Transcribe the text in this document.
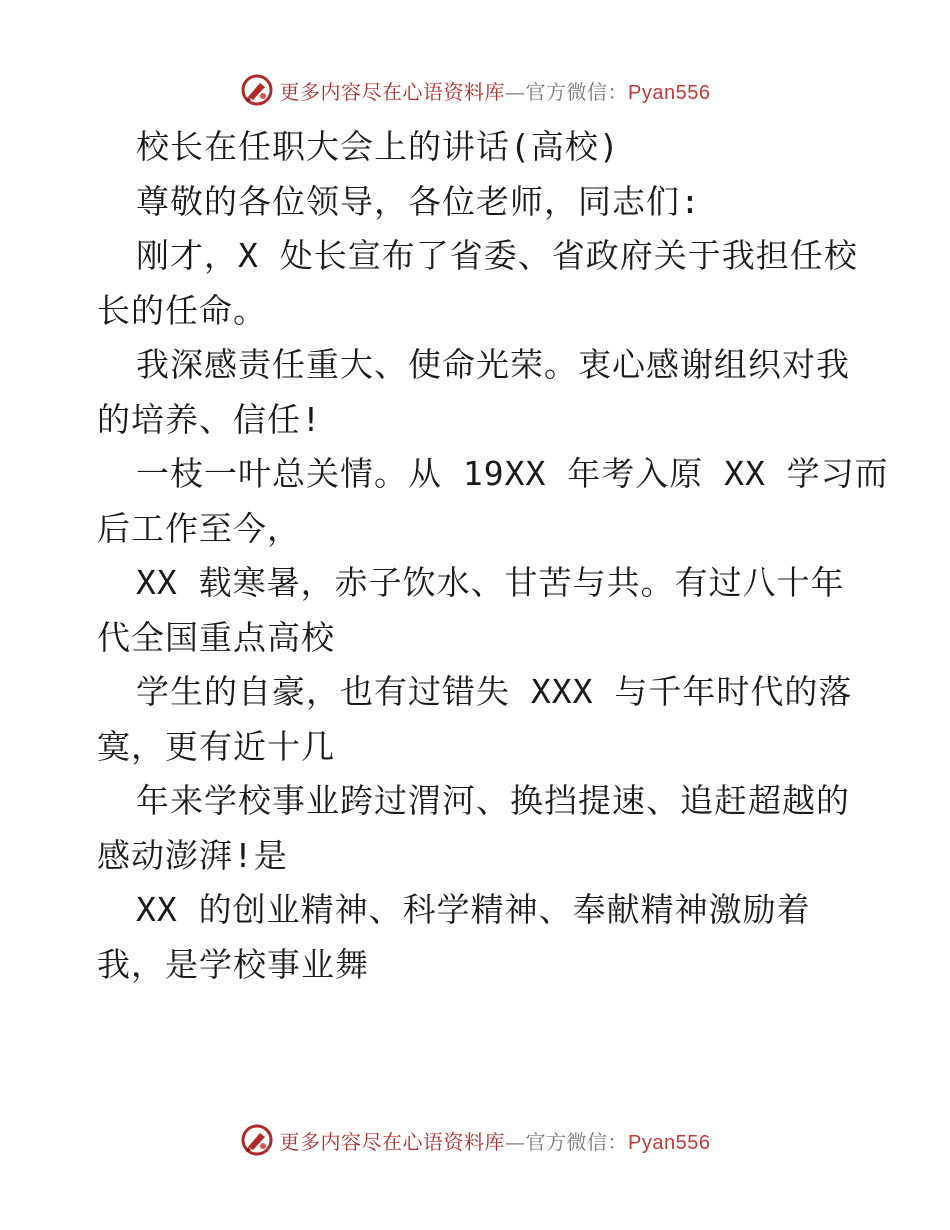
更多内容尽在心语资料库—官方微信：Pyan556
校长在任职大会上的讲话(高校)
尊敬的各位领导，各位老师，同志们:
刚才，X 处长宣布了省委、省政府关于我担任校
长的任命。
我深感责任重大、使命光荣。衷心感谢组织对我
的培养、信任!
一枝一叶总关情。从 19XX 年考入原 XX 学习而
后工作至今，
XX 载寒暑，赤子饮水、甘苦与共。有过八十年
代全国重点高校
学生的自豪，也有过错失 XXX 与千年时代的落
寞，更有近十几
年来学校事业跨过渭河、换挡提速、追赶超越的
感动澎湃!是
XX 的创业精神、科学精神、奉献精神激励着
我，是学校事业舞
更多内容尽在心语资料库—官方微信：Pyan556
